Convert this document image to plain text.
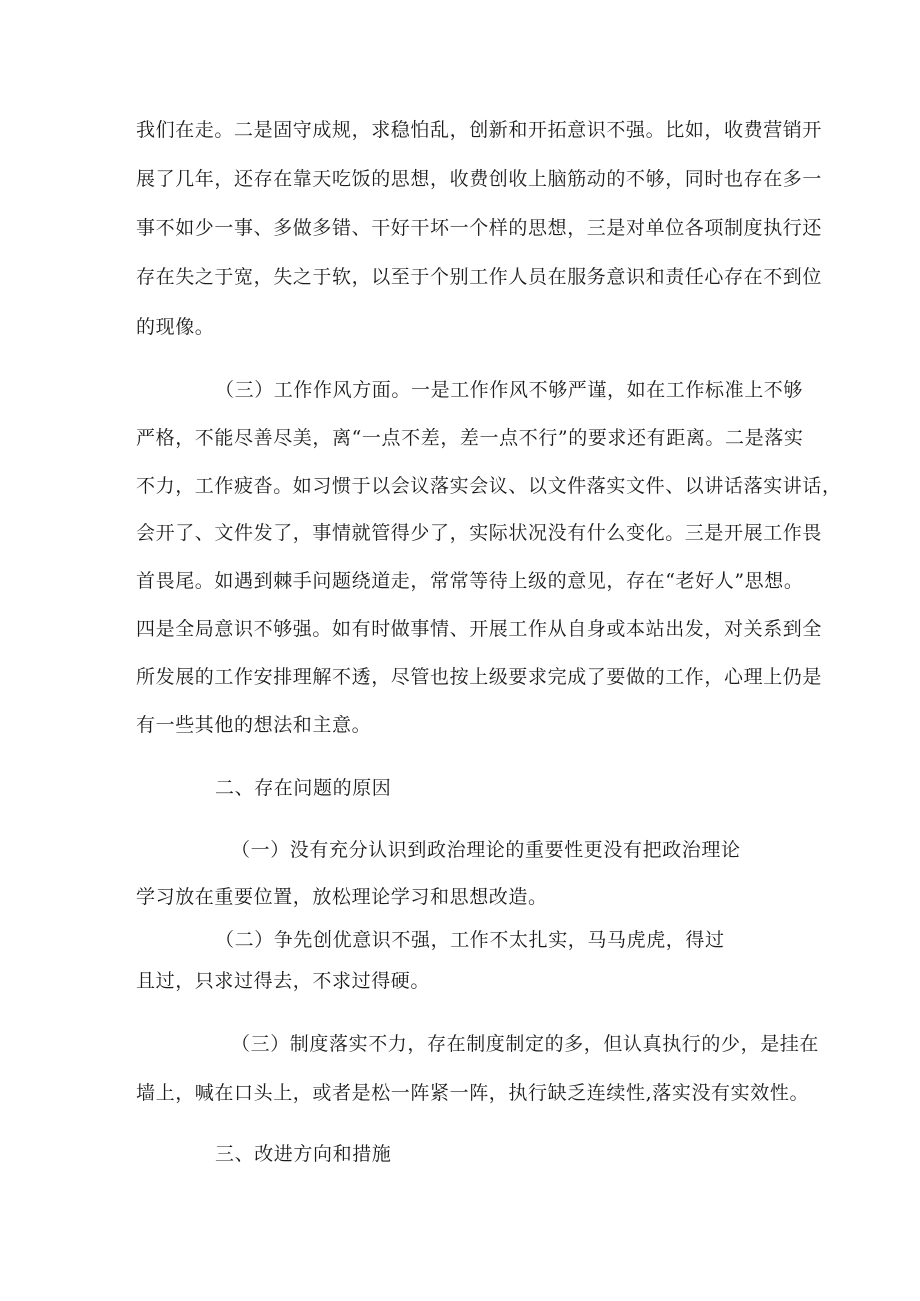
我们在走。二是固守成规，求稳怕乱，创新和开拓意识不强。比如，收费营销开
展了几年，还存在靠天吃饭的思想，收费创收上脑筋动的不够，同时也存在多一
事不如少一事、多做多错、干好干坏一个样的思想，三是对单位各项制度执行还
存在失之于宽，失之于软，以至于个别工作人员在服务意识和责任心存在不到位
的现像。
（三）工作作风方面。一是工作作风不够严谨，如在工作标准上不够
严格，不能尽善尽美，离“一点不差，差一点不行”的要求还有距离。二是落实
不力，工作疲沓。如习惯于以会议落实会议、以文件落实文件、以讲话落实讲话，
会开了、文件发了，事情就管得少了，实际状况没有什么变化。三是开展工作畏
首畏尾。如遇到棘手问题绕道走，常常等待上级的意见，存在“老好人”思想。
四是全局意识不够强。如有时做事情、开展工作从自身或本站出发，对关系到全
所发展的工作安排理解不透，尽管也按上级要求完成了要做的工作，心理上仍是
有一些其他的想法和主意。
二、存在问题的原因
（一）没有充分认识到政治理论的重要性更没有把政治理论
学习放在重要位置，放松理论学习和思想改造。
（二）争先创优意识不强，工作不太扎实，马马虎虎，得过
且过，只求过得去，不求过得硬。
（三）制度落实不力，存在制度制定的多，但认真执行的少，是挂在
墙上，喊在口头上，或者是松一阵紧一阵，执行缺乏连续性,落实没有实效性。
三、改进方向和措施
